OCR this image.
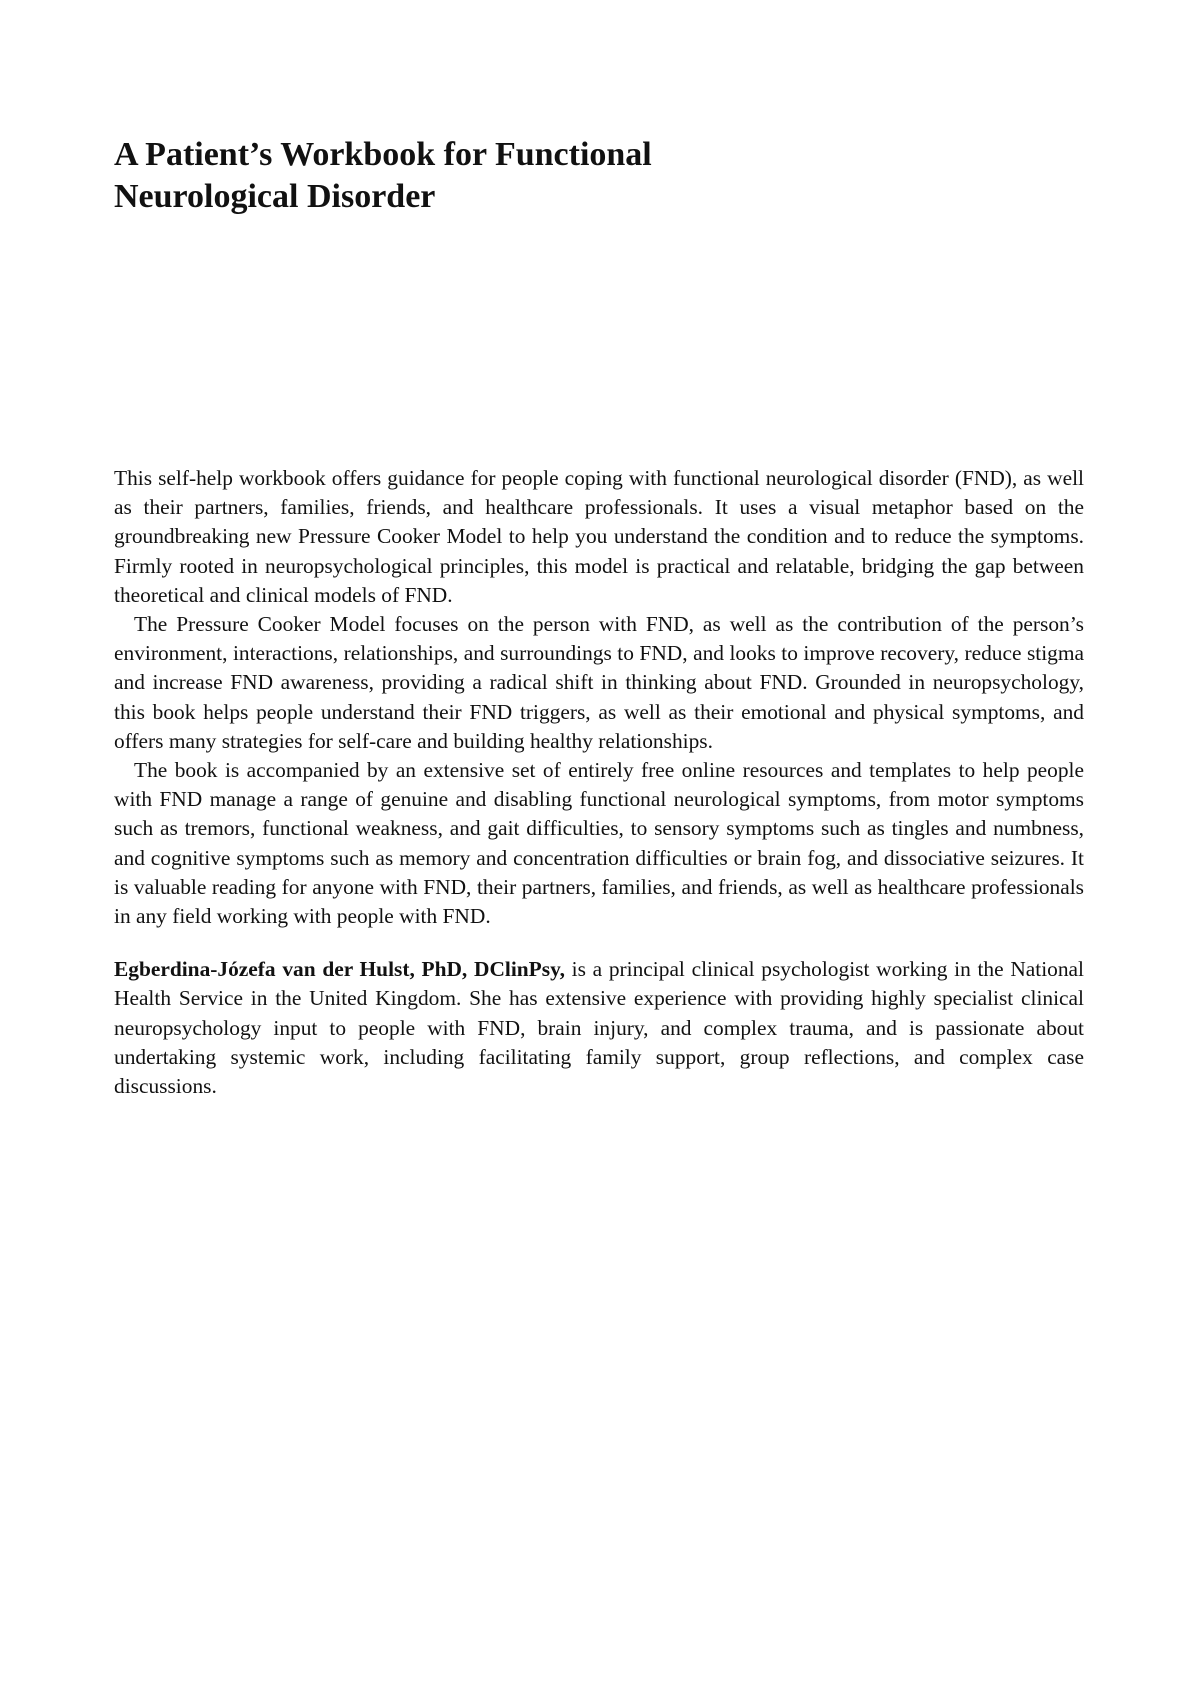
A Patient’s Workbook for Functional
Neurological Disorder

This self-help workbook offers guidance for people coping with functional neurological disorder (FND), as well as their partners, families, friends, and healthcare professionals. It uses a visual metaphor based on the groundbreaking new Pressure Cooker Model to help you understand the condition and to reduce the symptoms. Firmly rooted in neuropsychological principles, this model is practical and relatable, bridging the gap between theoretical and clinical models of FND.

The Pressure Cooker Model focuses on the person with FND, as well as the contribution of the person’s environment, interactions, relationships, and surroundings to FND, and looks to improve recovery, reduce stigma and increase FND awareness, providing a radical shift in thinking about FND. Grounded in neuropsychology, this book helps people understand their FND triggers, as well as their emotional and physical symptoms, and offers many strategies for self-care and building healthy relationships.

The book is accompanied by an extensive set of entirely free online resources and templates to help people with FND manage a range of genuine and disabling functional neurological symptoms, from motor symptoms such as tremors, functional weakness, and gait difficulties, to sensory symptoms such as tingles and numbness, and cognitive symptoms such as memory and concentration difficulties or brain fog, and dissociative seizures. It is valuable reading for anyone with FND, their partners, families, and friends, as well as healthcare professionals in any field working with people with FND.

Egberdina-Józefa van der Hulst, PhD, DClinPsy, is a principal clinical psychologist working in the National Health Service in the United Kingdom. She has extensive experience with providing highly specialist clinical neuropsychology input to people with FND, brain injury, and complex trauma, and is passionate about undertaking systemic work, including facilitating family support, group reflections, and complex case discussions.
